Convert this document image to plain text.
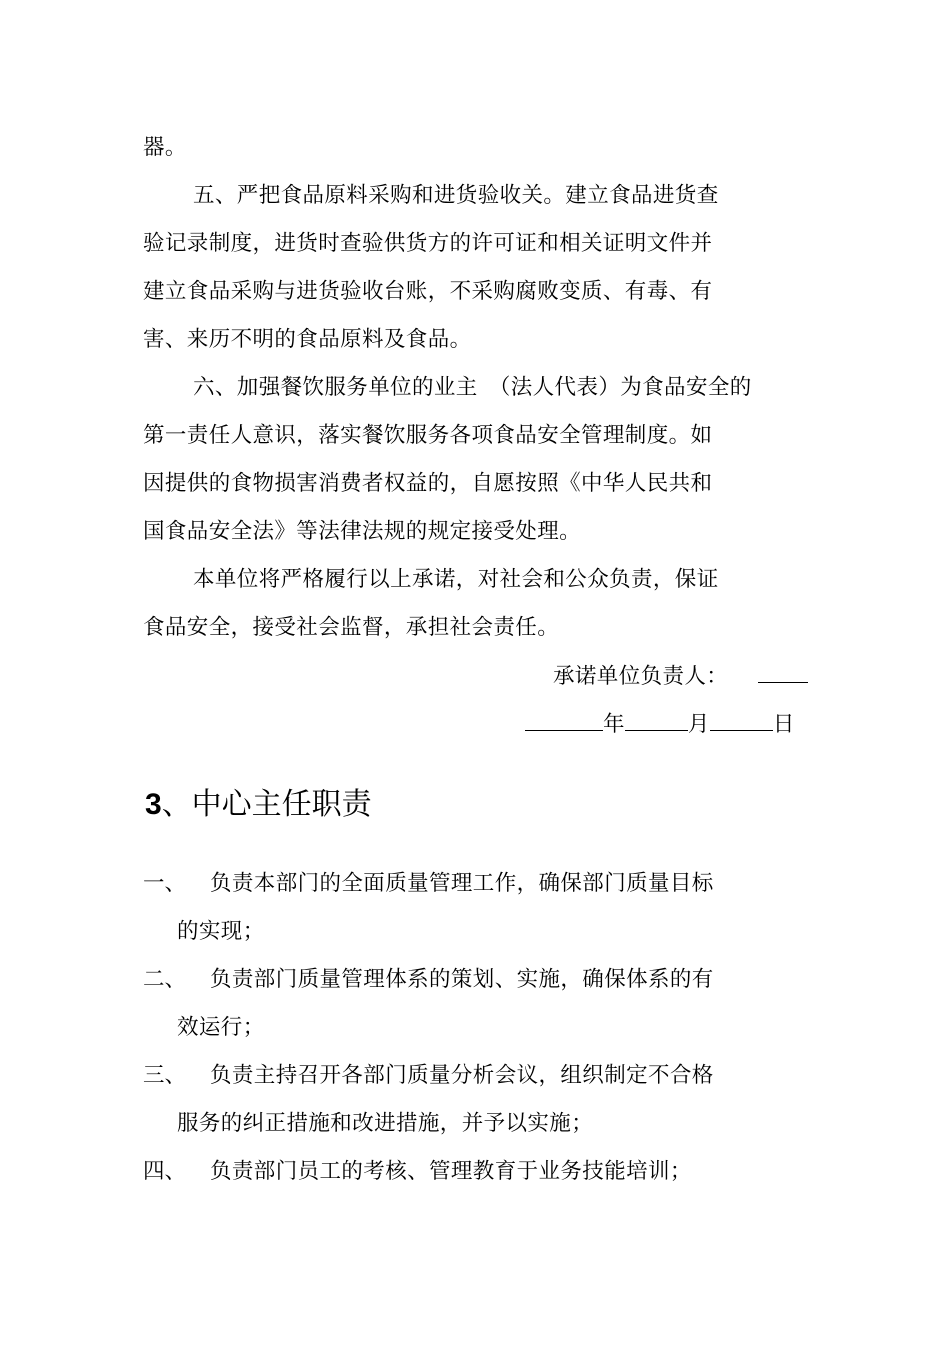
器。
五、严把食品原料采购和进货验收关。建立食品进货查
验记录制度，进货时查验供货方的许可证和相关证明文件并
建立食品采购与进货验收台账，不采购腐败变质、有毒、有
害、来历不明的食品原料及食品。
六、加强餐饮服务单位的业主　（法人代表）为食品安全的
第一责任人意识，落实餐饮服务各项食品安全管理制度。如
因提供的食物损害消费者权益的，自愿按照《中华人民共和
国食品安全法》等法律法规的规定接受处理。
本单位将严格履行以上承诺，对社会和公众负责，保证
食品安全，接受社会监督，承担社会责任。
承诺单位负责人：
年	月	日
3、中心主任职责
一、 负责本部门的全面质量管理工作，确保部门质量目标
的实现；
二、 负责部门质量管理体系的策划、实施，确保体系的有
效运行；
三、 负责主持召开各部门质量分析会议，组织制定不合格
服务的纠正措施和改进措施，并予以实施；
四、 负责部门员工的考核、管理教育于业务技能培训；
